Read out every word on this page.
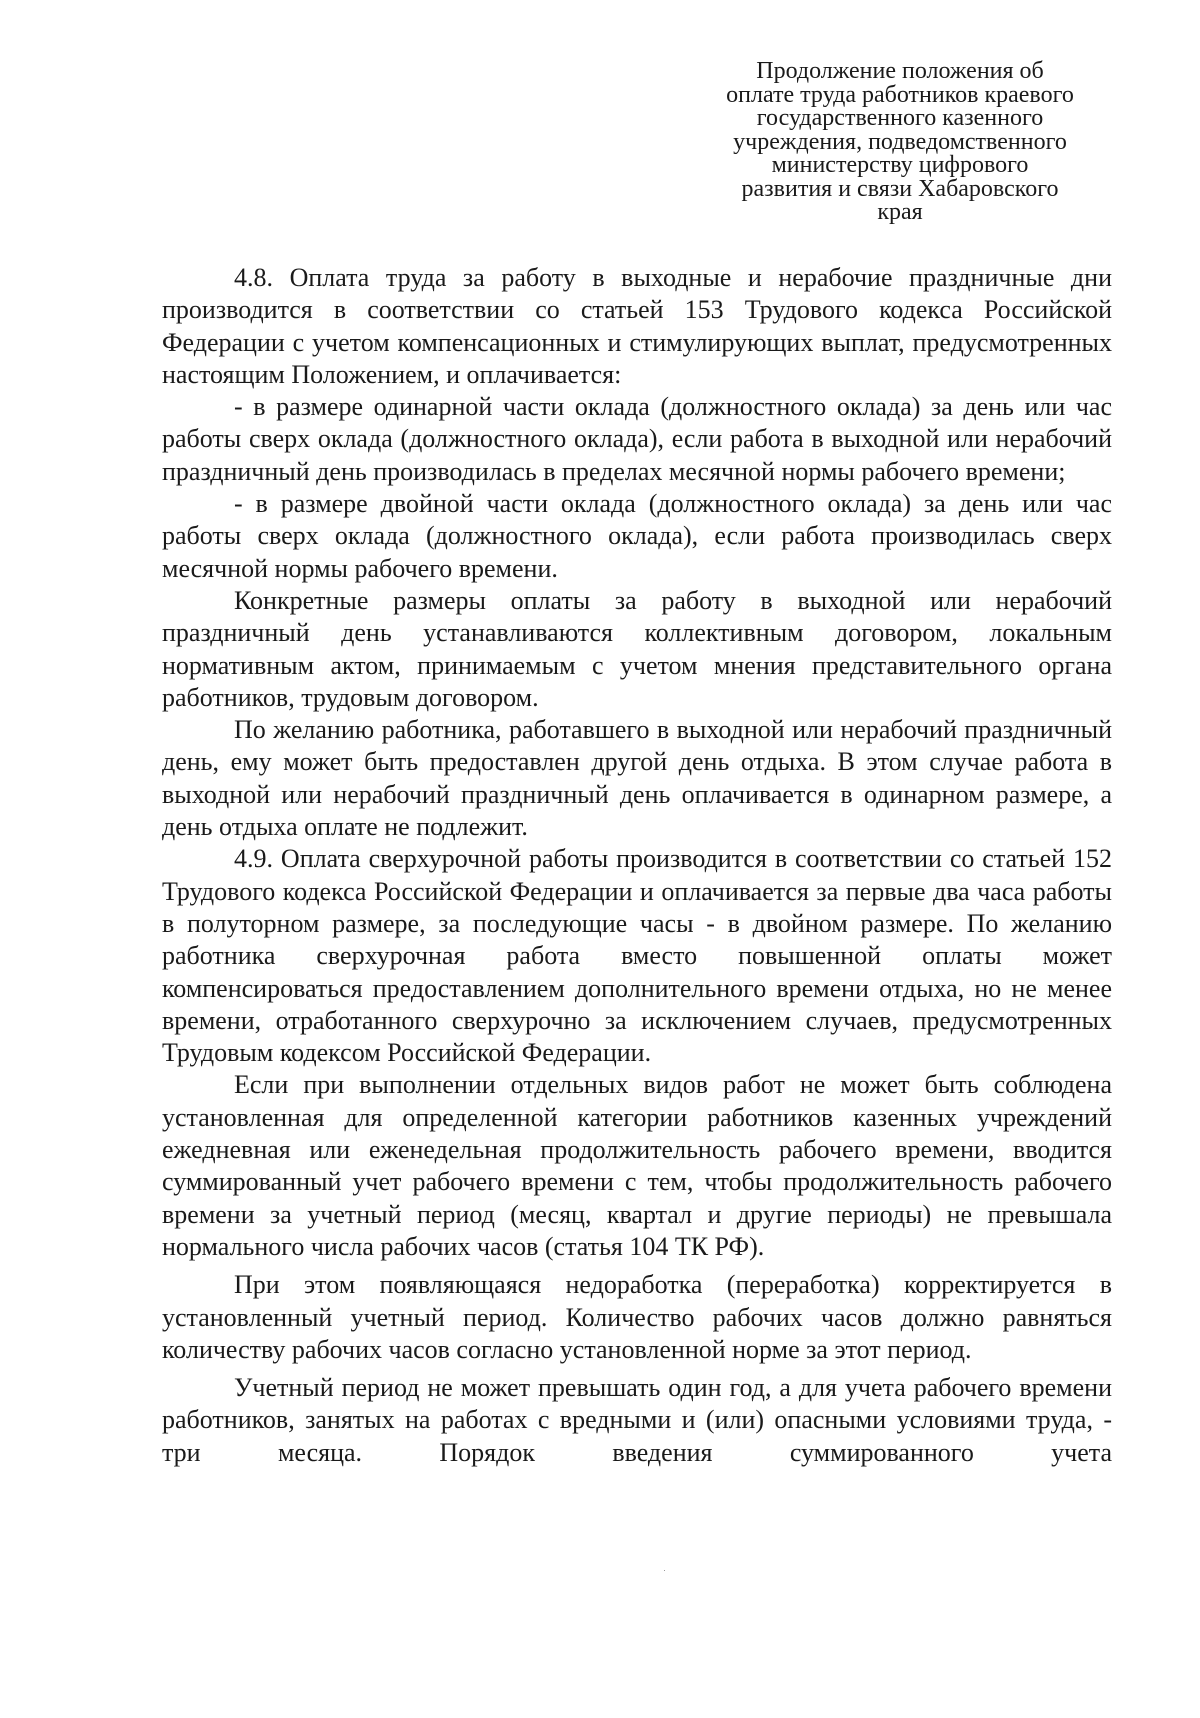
Продолжение положения об
оплате труда работников краевого
государственного казенного
учреждения, подведомственного
министерству цифрового
развития и связи Хабаровского
края

4.8. Оплата труда за работу в выходные и нерабочие праздничные дни производится в соответствии со статьей 153 Трудового кодекса Российской Федерации с учетом компенсационных и стимулирующих выплат, предусмотренных настоящим Положением, и оплачивается:

- в размере одинарной части оклада (должностного оклада) за день или час работы сверх оклада (должностного оклада), если работа в выходной или нерабочий праздничный день производилась в пределах месячной нормы рабочего времени;

- в размере двойной части оклада (должностного оклада) за день или час работы сверх оклада (должностного оклада), если работа производилась сверх месячной нормы рабочего времени.

Конкретные размеры оплаты за работу в выходной или нерабочий праздничный день устанавливаются коллективным договором, локальным нормативным актом, принимаемым с учетом мнения представительного органа работников, трудовым договором.

По желанию работника, работавшего в выходной или нерабочий праздничный день, ему может быть предоставлен другой день отдыха. В этом случае работа в выходной или нерабочий праздничный день оплачивается в одинарном размере, а день отдыха оплате не подлежит.

4.9. Оплата сверхурочной работы производится в соответствии со статьей 152 Трудового кодекса Российской Федерации и оплачивается за первые два часа работы в полуторном размере, за последующие часы - в двойном размере. По желанию работника сверхурочная работа вместо повышенной оплаты может компенсироваться предоставлением дополнительного времени отдыха, но не менее времени, отработанного сверхурочно за исключением случаев, предусмотренных Трудовым кодексом Российской Федерации.

Если при выполнении отдельных видов работ не может быть соблюдена установленная для определенной категории работников казенных учреждений ежедневная или еженедельная продолжительность рабочего времени, вводится суммированный учет рабочего времени с тем, чтобы продолжительность рабочего времени за учетный период (месяц, квартал и другие периоды) не превышала нормального числа рабочих часов (статья 104 ТК РФ).

При этом появляющаяся недоработка (переработка) корректируется в установленный учетный период. Количество рабочих часов должно равняться количеству рабочих часов согласно установленной норме за этот период.

Учетный период не может превышать один год, а для учета рабочего времени работников, занятых на работах с вредными и (или) опасными условиями труда, - три месяца. Порядок введения суммированного учета
